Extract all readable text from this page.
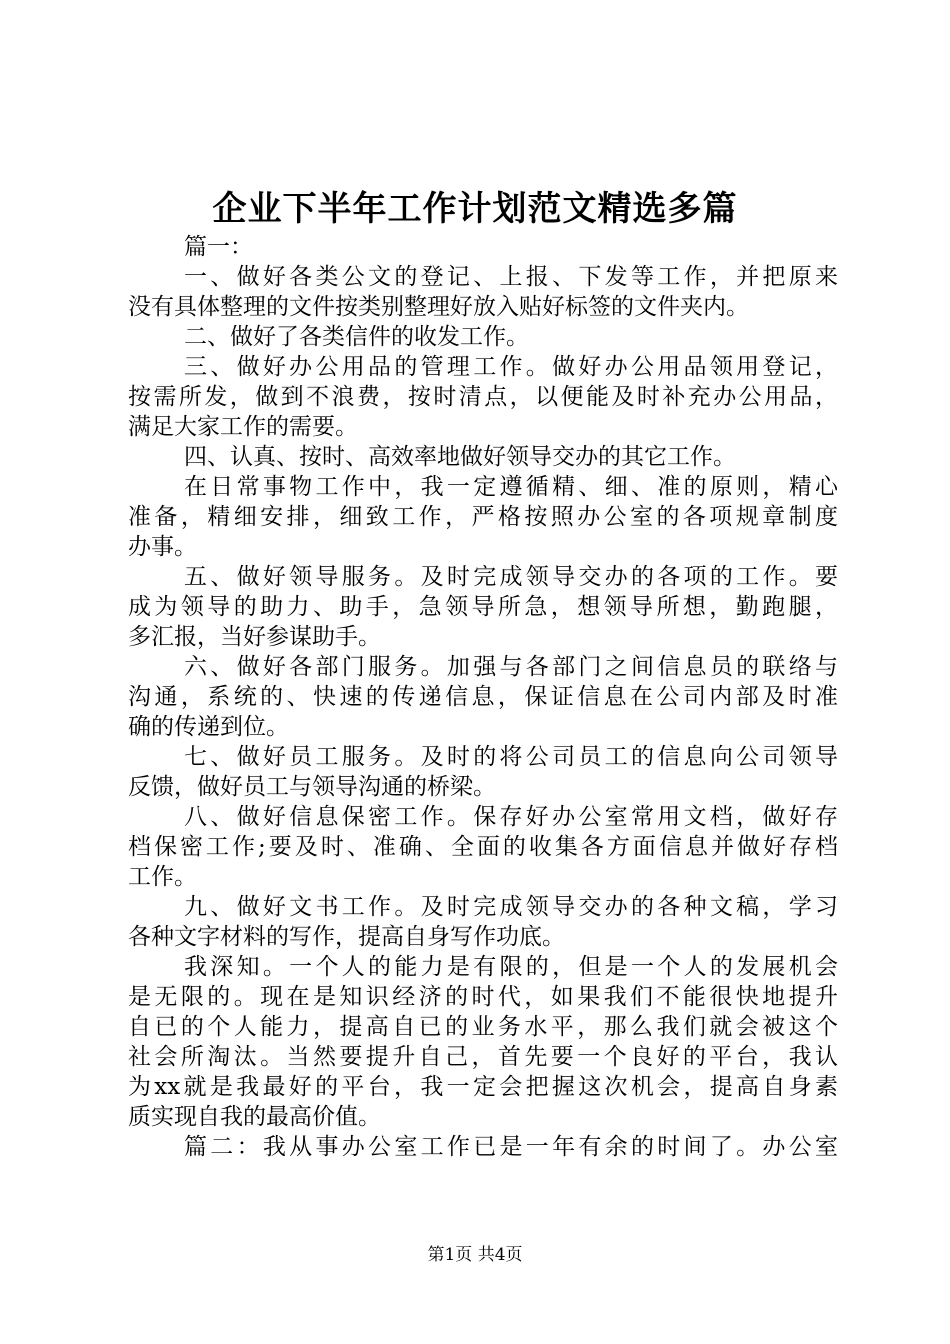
企业下半年工作计划范文精选多篇
篇一：
一、做好各类公文的登记、上报、下发等工作，并把原来
没有具体整理的文件按类别整理好放入贴好标签的文件夹内。
二、做好了各类信件的收发工作。
三、做好办公用品的管理工作。做好办公用品领用登记，
按需所发，做到不浪费，按时清点，以便能及时补充办公用品，
满足大家工作的需要。
四、认真、按时、高效率地做好领导交办的其它工作。
在日常事物工作中，我一定遵循精、细、准的原则，精心
准备，精细安排，细致工作，严格按照办公室的各项规章制度
办事。
五、做好领导服务。及时完成领导交办的各项的工作。要
成为领导的助力、助手，急领导所急，想领导所想，勤跑腿，
多汇报，当好参谋助手。
六、做好各部门服务。加强与各部门之间信息员的联络与
沟通，系统的、快速的传递信息，保证信息在公司内部及时准
确的传递到位。
七、做好员工服务。及时的将公司员工的信息向公司领导
反馈，做好员工与领导沟通的桥梁。
八、做好信息保密工作。保存好办公室常用文档，做好存
档保密工作;要及时、准确、全面的收集各方面信息并做好存档
工作。
九、做好文书工作。及时完成领导交办的各种文稿，学习
各种文字材料的写作，提高自身写作功底。
我深知。一个人的能力是有限的，但是一个人的发展机会
是无限的。现在是知识经济的时代，如果我们不能很快地提升
自已的个人能力，提高自已的业务水平，那么我们就会被这个
社会所淘汰。当然要提升自己，首先要一个良好的平台，我认
为xx就是我最好的平台，我一定会把握这次机会，提高自身素
质实现自我的最高价值。
篇二：我从事办公室工作已是一年有余的时间了。办公室
第1页 共4页
